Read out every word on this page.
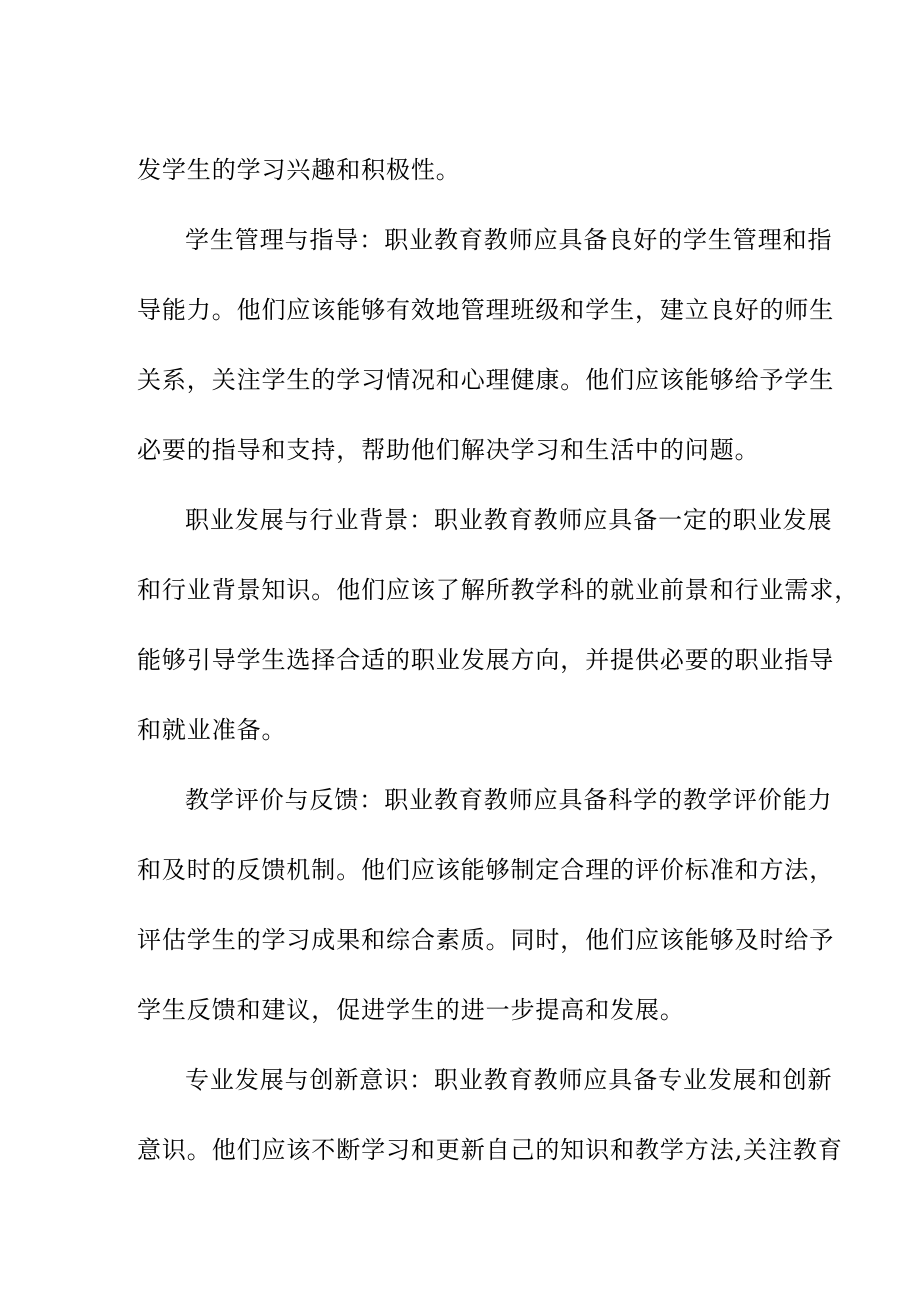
发学生的学习兴趣和积极性。
学生管理与指导：职业教育教师应具备良好的学生管理和指
导能力。他们应该能够有效地管理班级和学生，建立良好的师生
关系，关注学生的学习情况和心理健康。他们应该能够给予学生
必要的指导和支持，帮助他们解决学习和生活中的问题。
职业发展与行业背景：职业教育教师应具备一定的职业发展
和行业背景知识。他们应该了解所教学科的就业前景和行业需求，
能够引导学生选择合适的职业发展方向，并提供必要的职业指导
和就业准备。
教学评价与反馈：职业教育教师应具备科学的教学评价能力
和及时的反馈机制。他们应该能够制定合理的评价标准和方法，
评估学生的学习成果和综合素质。同时，他们应该能够及时给予
学生反馈和建议，促进学生的进一步提高和发展。
专业发展与创新意识：职业教育教师应具备专业发展和创新
意识。他们应该不断学习和更新自己的知识和教学方法,关注教育
